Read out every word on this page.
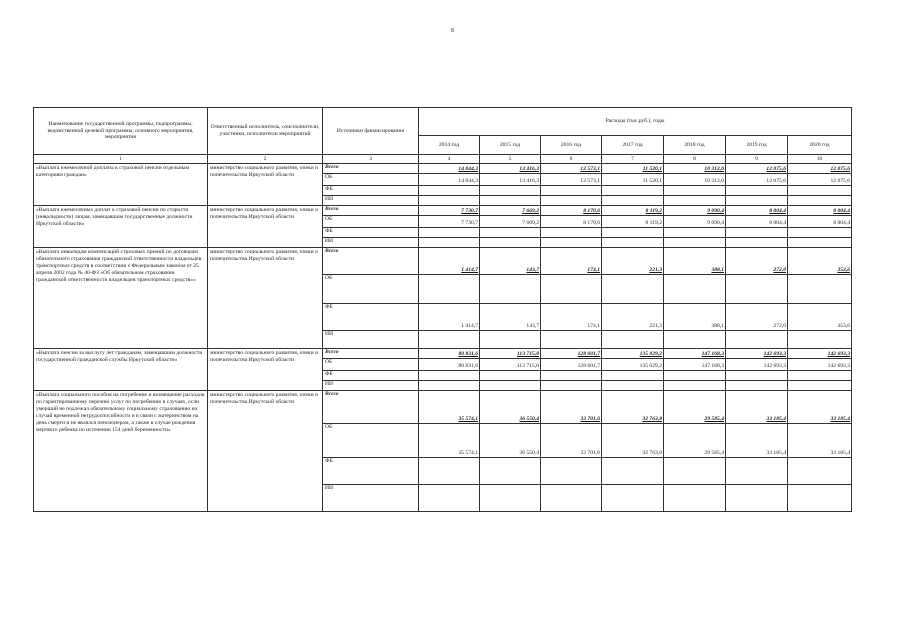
8
Наименование государственной программы, подпрограммы, ведомственной целевой программы, основного мероприятия, мероприятия	Ответственный исполнитель, соисполнители, участники, исполнители мероприятий	Источники финансирования	Расходы (тыс.руб.), годы						
			2014 год	2015 год	2016 год	2017 год	2018 год	2019 год	2020 год
1	2	3	4	5	6	7	8	9	10
«Выплата ежемесячной доплаты к страховой пенсии отдельным категориям граждан»	министерство социального развития, опеки и попечительства Иркутской области	Всего	14 844,3	13 416,3	12 573,1	11 520,1	10 312,0	12 075,6	12 075,6
		ОБ	14 844,3	13 416,3	12 573,1	11 520,1	10 312,0	12 075,6	12 075,6
		ФБ							
		ИИ							
«Выплата ежемесячных доплат к страховой пенсии по старости (инвалидности) лицам, замещавшим государственные должности Иркутской области»	министерство социального развития, опеки и попечительства Иркутской области	Всего	7 730,7	7 669,2	8 170,6	8 119,2	9 090,4	8 004,4	8 004,4
		ОБ	7 730,7	7 669,2	8 170,6	8 119,2	9 090,4	8 004,4	8 004,4
		ФБ							
		ИИ							
«Выплата инвалидам компенсаций страховых премий по договорам обязательного страхования гражданской ответственности владельцев транспортных средств в соответствии с Федеральным законом от 25 апреля 2002 года № 40-ФЗ «Об обязательном страховании гражданской ответственности владельцев транспортных средств»»	министерство социального развития, опеки и попечительства Иркутской области	Всего	1 414,7	143,7	174,1	221,3	388,1	272,0	353,6
		ОБ							
		ФБ	1 414,7	143,7	174,1	221,3	388,1	272,0	353,6
		ИИ							
«Выплата пенсии за выслугу лет гражданам, замещавшим должности государственной гражданской службы Иркутской области»	министерство социального развития, опеки и попечительства Иркутской области	Всего	80 831,6	113 715,0	128 601,7	135 029,2	147 168,3	142 693,3	142 693,3
		ОБ	80 831,6	113 715,0	128 601,7	135 029,2	147 168,3	142 693,3	142 693,3
		ФБ							
		ИИ							
«Выплата социального пособия на погребение и возмещение расходов по гарантированному перечню услуг по погребению в случаях, если умерший не подлежал обязательному социальному страхованию на случай временной нетрудоспособности и в связи с материнством на день смерти и не являлся пенсионером, а также в случае рождения мертвого ребенка по истечении 154 дней беременности»	министерство социального развития, опеки и попечительства Иркутской области	Всего	35 574,1	36 550,4	33 701,6	32 763,8	29 585,4	33 185,4	33 185,4
		ОБ	35 574,1	36 550,4	33 701,6	32 763,8	29 585,4	33 185,4	33 185,4
		ФБ							
		ИИ							
